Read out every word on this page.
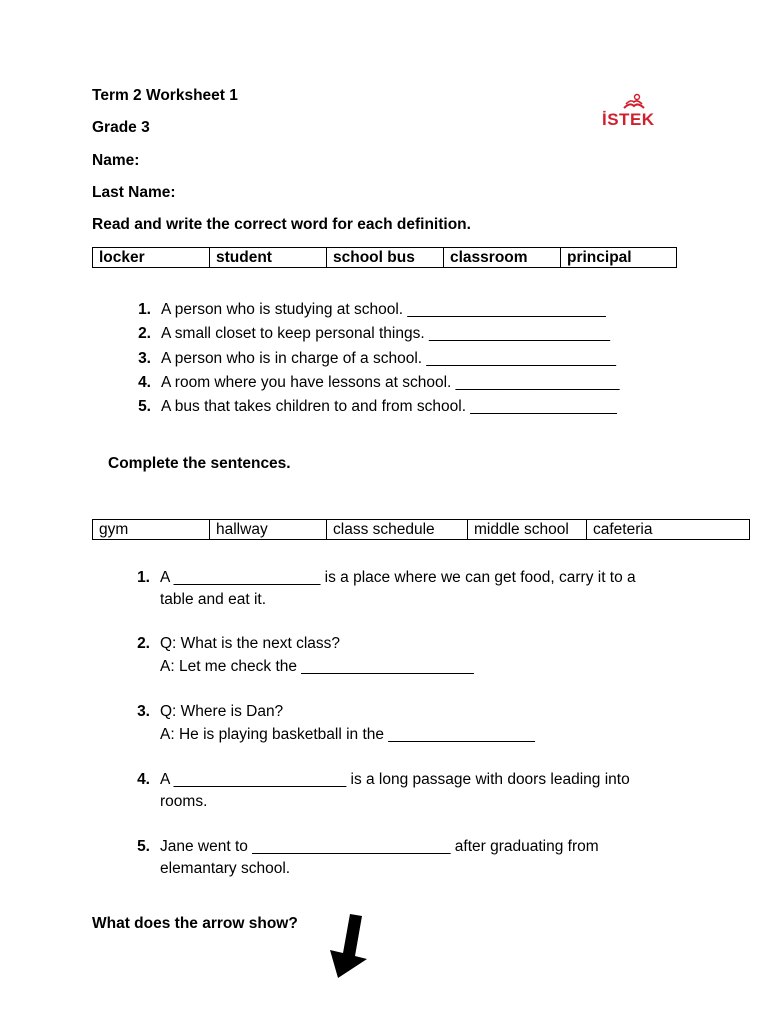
Term 2 Worksheet 1
Grade 3
Name:
Last Name:
İSTEK
Read and write the correct word for each definition.
locker	student	school bus	classroom	principal
1. A person who is studying at school. _______________________
2. A small closet to keep personal things. _____________________
3. A person who is in charge of a school. ______________________
4. A room where you have lessons at school. ___________________
5. A bus that takes children to and from school. _________________
Complete the sentences.
gym	hallway	class schedule	middle school	cafeteria
1. A _________________ is a place where we can get food, carry it to a
table and eat it.
2. Q: What is the next class?
A: Let me check the ____________________
3. Q: Where is Dan?
A: He is playing basketball in the _________________
4. A ____________________ is a long passage with doors leading into
rooms.
5. Jane went to _______________________ after graduating from
elemantary school.
What does the arrow show?
